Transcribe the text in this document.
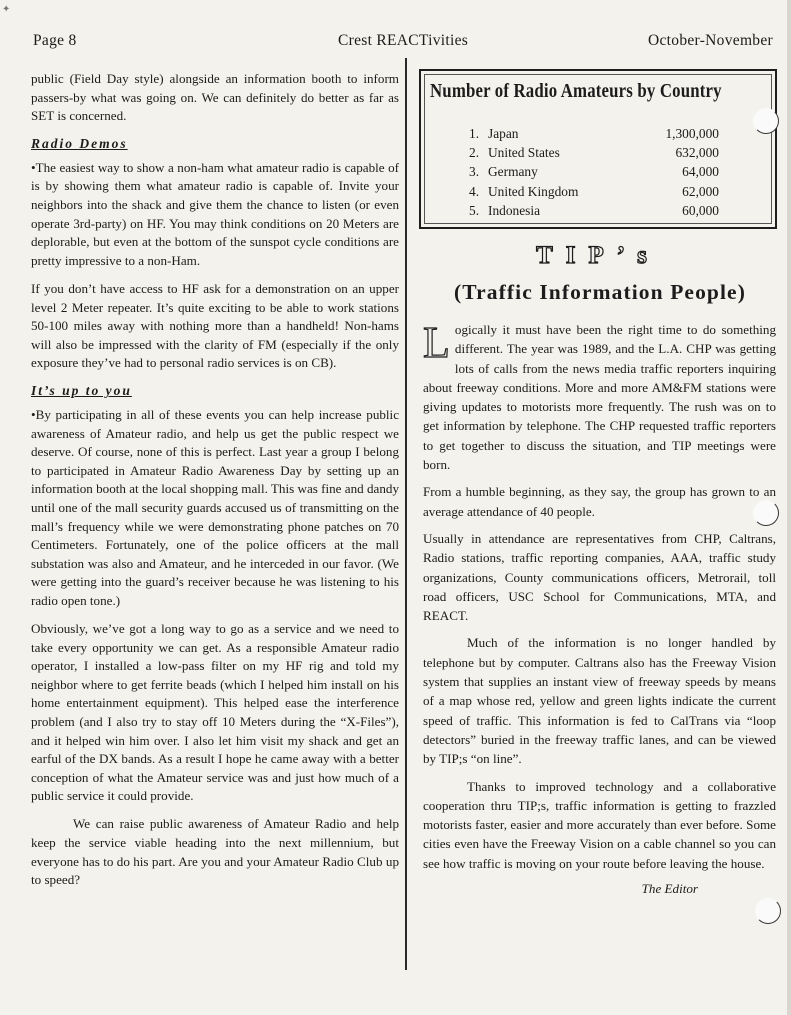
✦
Page 8	Crest REACTivities	October-November

public (Field Day style) alongside an information booth to inform passers-by what was going on. We can definitely do better as far as SET is concerned.

Radio Demos

•The easiest way to show a non-ham what amateur radio is capable of is by showing them what amateur radio is capable of. Invite your neighbors into the shack and give them the chance to listen (or even operate 3rd-party) on HF. You may think conditions on 20 Meters are deplorable, but even at the bottom of the sunspot cycle conditions are pretty impressive to a non-Ham.

If you don’t have access to HF ask for a demonstration on an upper level 2 Meter repeater. It’s quite exciting to be able to work stations 50-100 miles away with nothing more than a handheld! Non-hams will also be impressed with the clarity of FM (especially if the only exposure they’ve had to personal radio services is on CB).

It’s up to you

•By participating in all of these events you can help increase public awareness of Amateur radio, and help us get the public respect we deserve. Of course, none of this is perfect. Last year a group I belong to participated in Amateur Radio Awareness Day by setting up an information booth at the local shopping mall. This was fine and dandy until one of the mall security guards accused us of transmitting on the mall’s frequency while we were demonstrating phone patches on 70 Centimeters. Fortunately, one of the police officers at the mall substation was also and Amateur, and he interceded in our favor. (We were getting into the guard’s receiver because he was listening to his radio open tone.)

Obviously, we’ve got a long way to go as a service and we need to take every opportunity we can get. As a responsible Amateur radio operator, I installed a low-pass filter on my HF rig and told my neighbor where to get ferrite beads (which I helped him install on his home entertainment equipment). This helped ease the interference problem (and I also try to stay off 10 Meters during the “X-Files”), and it helped win him over. I also let him visit my shack and get an earful of the DX bands. As a result I hope he came away with a better conception of what the Amateur service was and just how much of a public service it could provide.

We can raise public awareness of Amateur Radio and help keep the service viable heading into the next millennium, but everyone has to do his part. Are you and your Amateur Radio Club up to speed?

Number of Radio Amateurs by Country
1. Japan	1,300,000
2. United States	632,000
3. Germany	64,000
4. United Kingdom	62,000
5. Indonesia	60,000
TIP’s
(Traffic Information People)

Logically it must have been the right time to do something different. The year was 1989, and the L.A. CHP was getting lots of calls from the news media traffic reporters inquiring about freeway conditions. More and more AM&FM stations were giving updates to motorists more frequently. The rush was on to get information by telephone. The CHP requested traffic reporters to get together to discuss the situation, and TIP meetings were born.

From a humble beginning, as they say, the group has grown to an average attendance of 40 people.

Usually in attendance are representatives from CHP, Caltrans, Radio stations, traffic reporting companies, AAA, traffic study organizations, County communications officers, Metrorail, toll road officers, USC School for Communications, MTA, and REACT.

Much of the information is no longer handled by telephone but by computer. Caltrans also has the Freeway Vision system that supplies an instant view of freeway speeds by means of a map whose red, yellow and green lights indicate the current speed of traffic. This information is fed to CalTrans via “loop detectors” buried in the freeway traffic lanes, and can be viewed by TIP;s “on line”.

Thanks to improved technology and a collaborative cooperation thru TIP;s, traffic information is getting to frazzled motorists faster, easier and more accurately than ever before. Some cities even have the Freeway Vision on a cable channel so you can see how traffic is moving on your route before leaving the house.

The Editor
